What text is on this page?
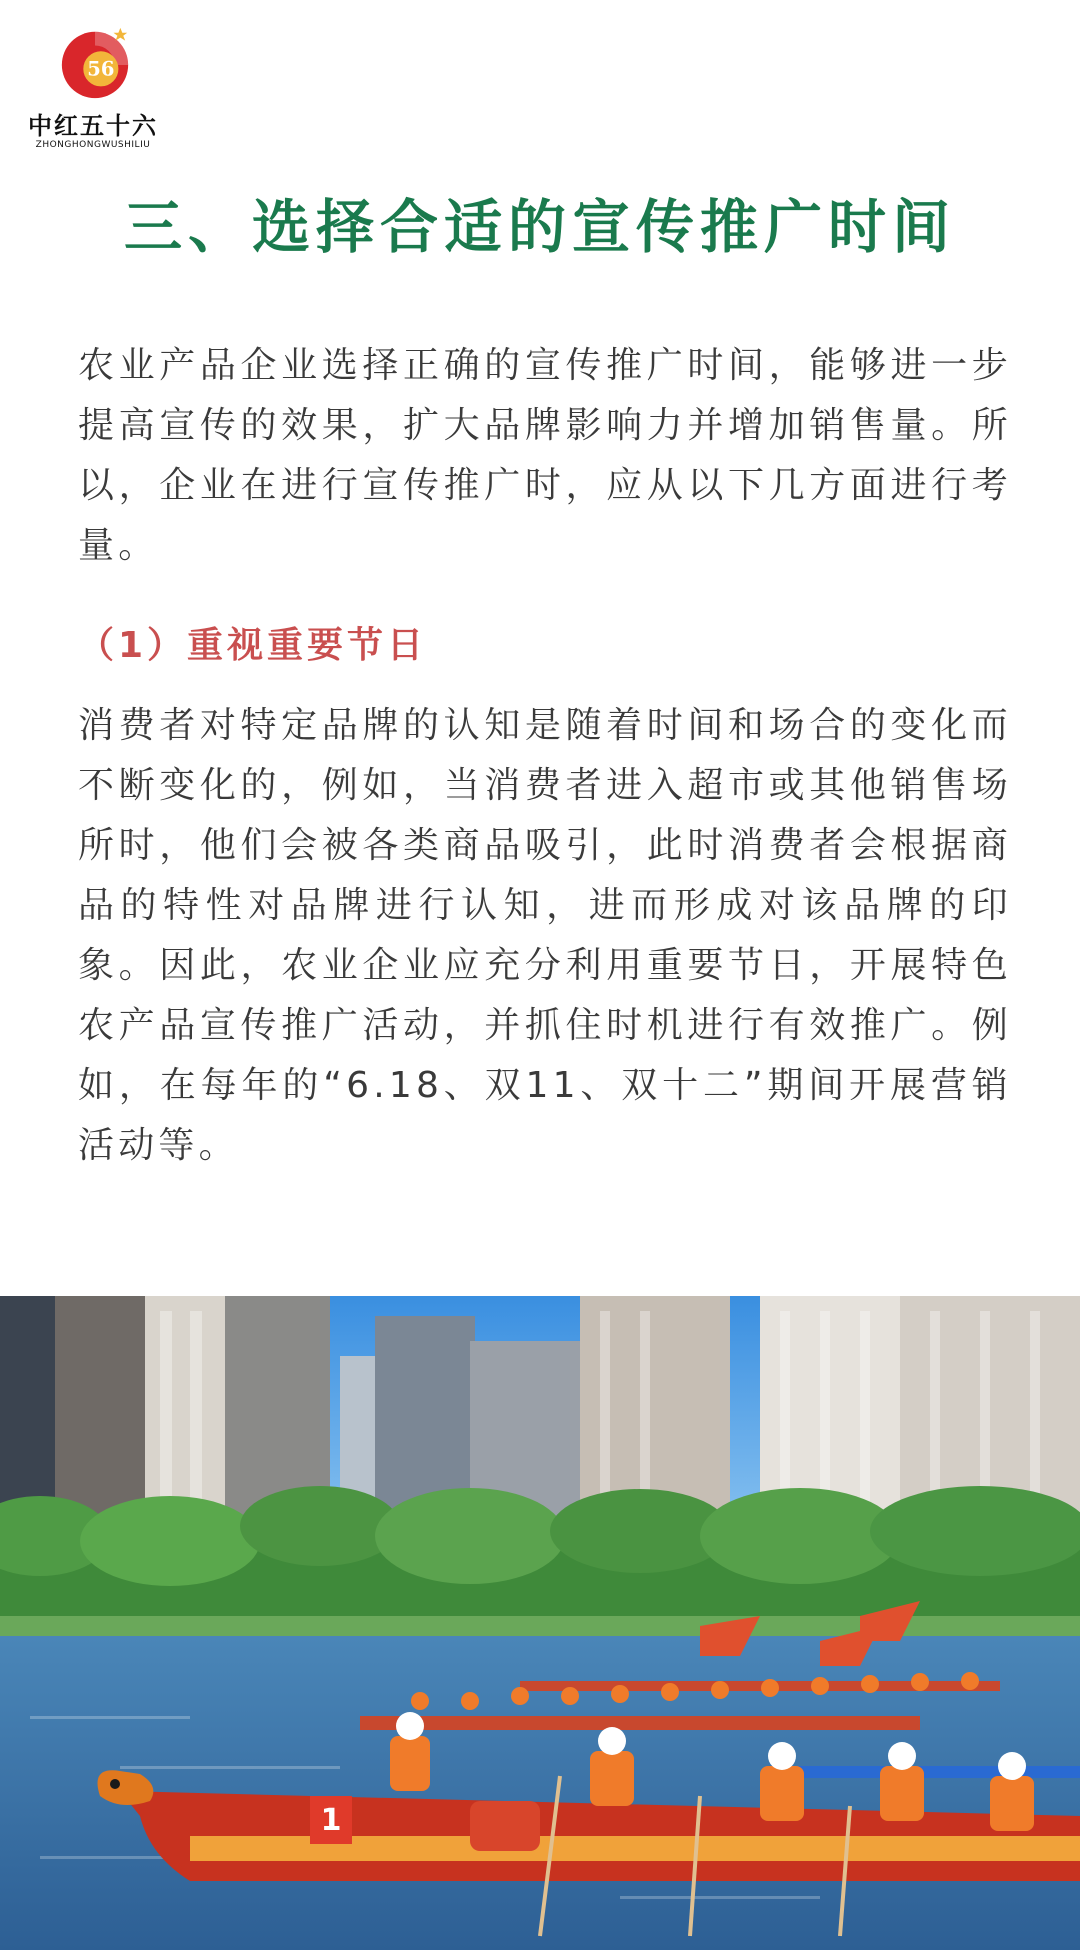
56
中红五十六
ZHONGHONGWUSHILIU
三、选择合适的宣传推广时间
农业产品企业选择正确的宣传推广时间，能够进一步提高宣传的效果，扩大品牌影响力并增加销售量。所以，企业在进行宣传推广时，应从以下几方面进行考量。
（1）重视重要节日
消费者对特定品牌的认知是随着时间和场合的变化而不断变化的，例如，当消费者进入超市或其他销售场所时，他们会被各类商品吸引，此时消费者会根据商品的特性对品牌进行认知，进而形成对该品牌的印象。因此，农业企业应充分利用重要节日，开展特色农产品宣传推广活动，并抓住时机进行有效推广。例如，在每年的“6.18、双11、双十二”期间开展营销活动等。
1
